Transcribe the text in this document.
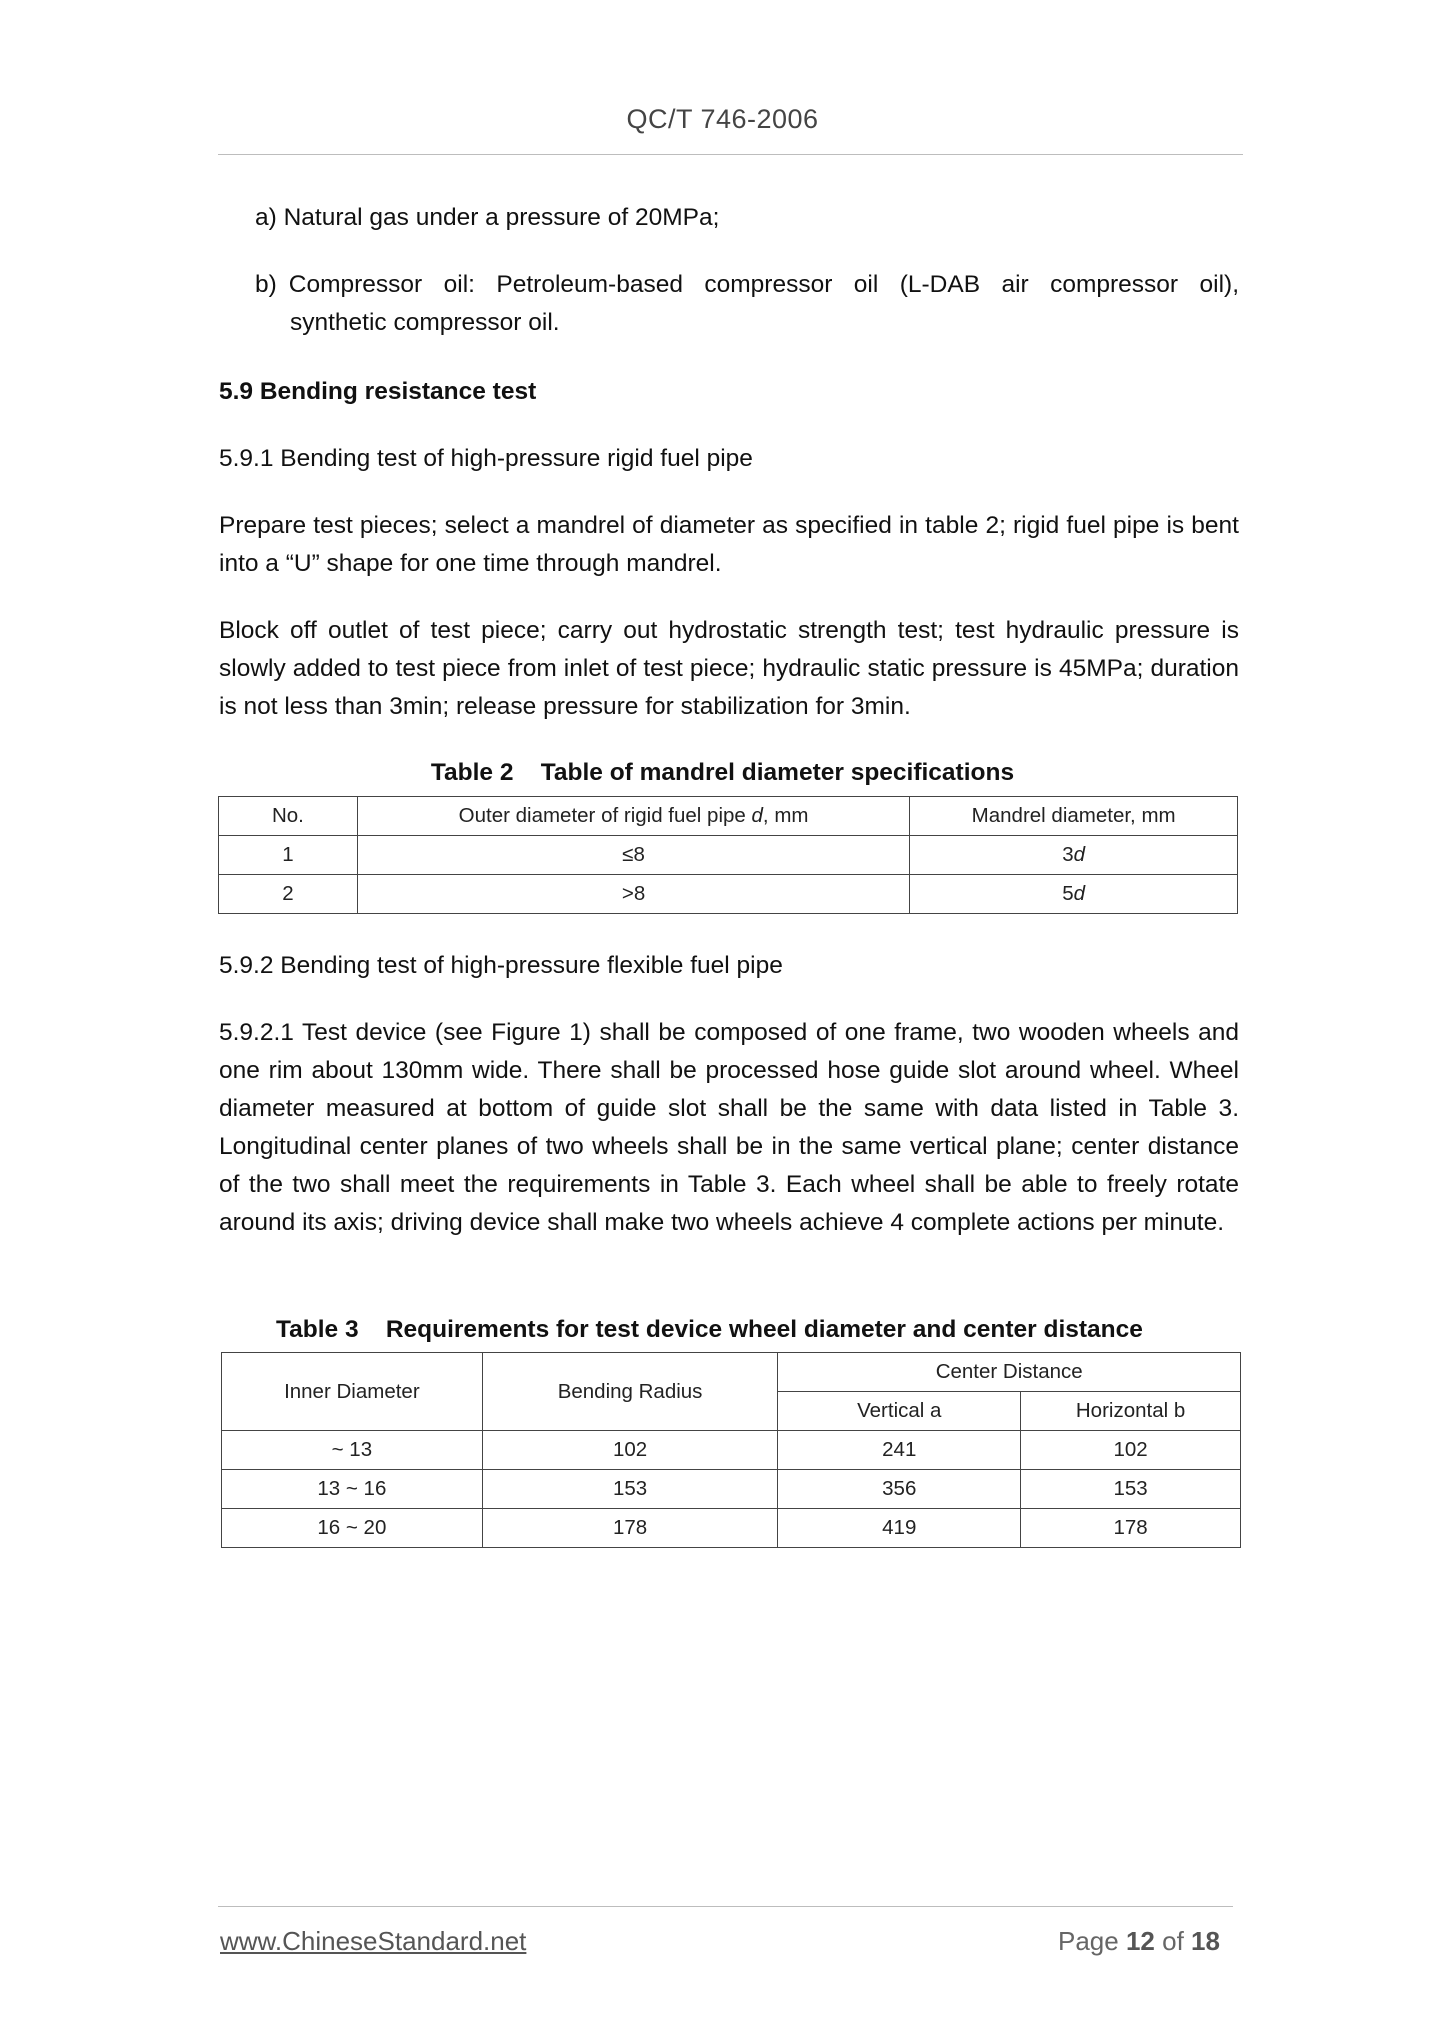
QC/T 746-2006
a) Natural gas under a pressure of 20MPa;
b) Compressor oil: Petroleum-based compressor oil (L-DAB air compressor oil),
synthetic compressor oil.
5.9 Bending resistance test
5.9.1 Bending test of high-pressure rigid fuel pipe
Prepare test pieces; select a mandrel of diameter as specified in table 2; rigid fuel pipe is bent into a “U” shape for one time through mandrel.
Block off outlet of test piece; carry out hydrostatic strength test; test hydraulic pressure is slowly added to test piece from inlet of test piece; hydraulic static pressure is 45MPa; duration is not less than 3min; release pressure for stabilization for 3min.
Table 2 Table of mandrel diameter specifications
No.	Outer diameter of rigid fuel pipe d, mm	Mandrel diameter, mm
1	≤8	3d
2	>8	5d
5.9.2 Bending test of high-pressure flexible fuel pipe
5.9.2.1 Test device (see Figure 1) shall be composed of one frame, two wooden wheels and one rim about 130mm wide. There shall be processed hose guide slot around wheel. Wheel diameter measured at bottom of guide slot shall be the same with data listed in Table 3. Longitudinal center planes of two wheels shall be in the same vertical plane; center distance of the two shall meet the requirements in Table 3. Each wheel shall be able to freely rotate around its axis; driving device shall make two wheels achieve 4 complete actions per minute.
Table 3 Requirements for test device wheel diameter and center distance
Inner Diameter	Bending Radius	Center Distance	
		Vertical a	Horizontal b
~ 13	102	241	102
13 ~ 16	153	356	153
16 ~ 20	178	419	178
www.ChineseStandard.net	Page 12 of 18
